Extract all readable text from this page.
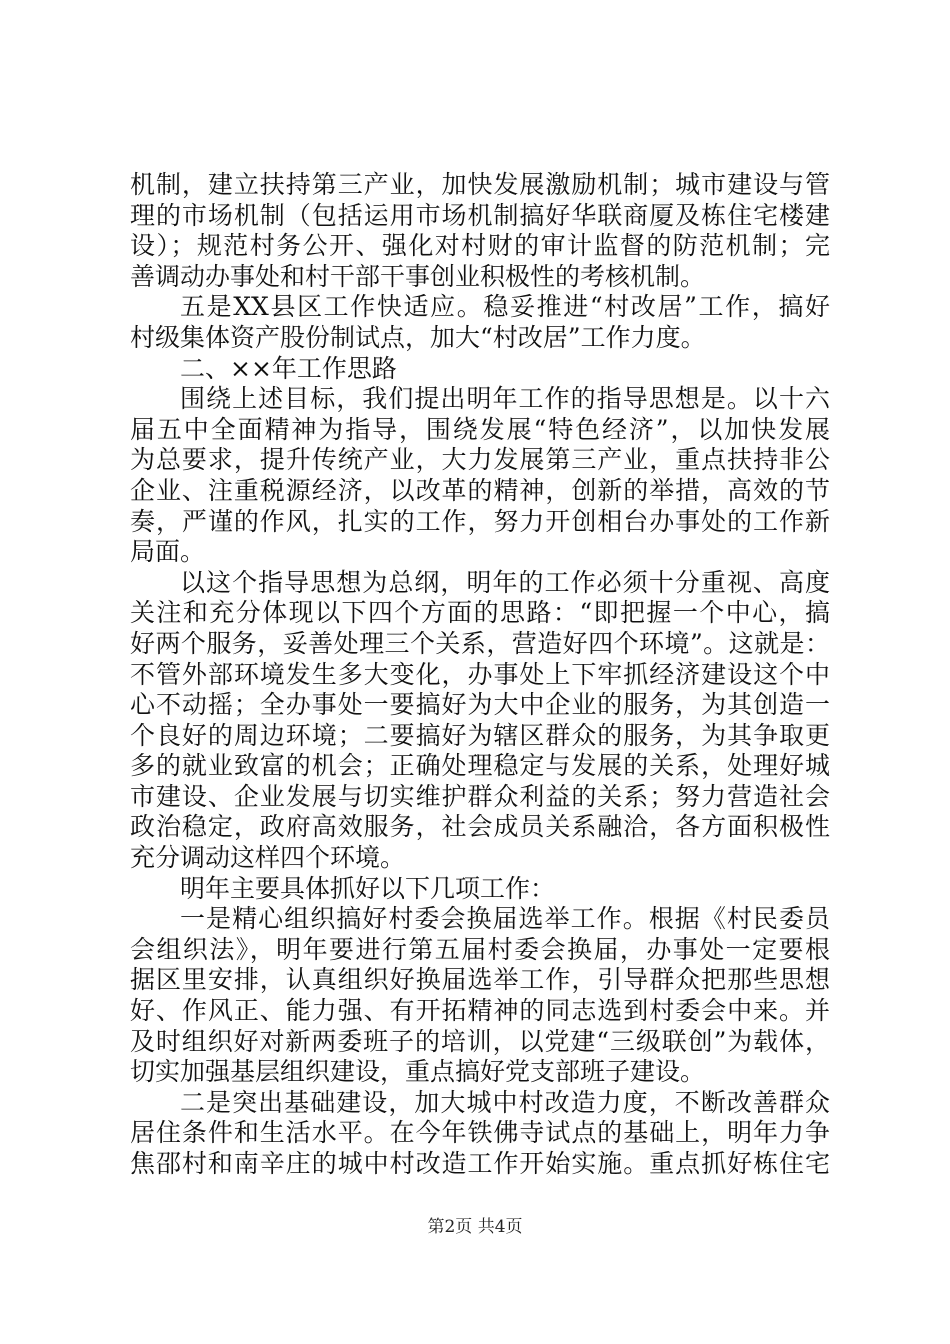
机制，建立扶持第三产业，加快发展激励机制；城市建设与管
理的市场机制（包括运用市场机制搞好华联商厦及栋住宅楼建
设）；规范村务公开、强化对村财的审计监督的防范机制；完
善调动办事处和村干部干事创业积极性的考核机制。
五是XX县区工作快适应。稳妥推进“村改居”工作，搞好
村级集体资产股份制试点，加大“村改居”工作力度。
二、××年工作思路
围绕上述目标，我们提出明年工作的指导思想是。以十六
届五中全面精神为指导，围绕发展“特色经济”，以加快发展
为总要求，提升传统产业，大力发展第三产业，重点扶持非公
企业、注重税源经济，以改革的精神，创新的举措，高效的节
奏，严谨的作风，扎实的工作，努力开创相台办事处的工作新
局面。
以这个指导思想为总纲，明年的工作必须十分重视、高度
关注和充分体现以下四个方面的思路：“即把握一个中心，搞
好两个服务，妥善处理三个关系，营造好四个环境”。这就是：
不管外部环境发生多大变化，办事处上下牢抓经济建设这个中
心不动摇；全办事处一要搞好为大中企业的服务，为其创造一
个良好的周边环境；二要搞好为辖区群众的服务，为其争取更
多的就业致富的机会；正确处理稳定与发展的关系，处理好城
市建设、企业发展与切实维护群众利益的关系；努力营造社会
政治稳定，政府高效服务，社会成员关系融洽，各方面积极性
充分调动这样四个环境。
明年主要具体抓好以下几项工作：
一是精心组织搞好村委会换届选举工作。根据《村民委员
会组织法》，明年要进行第五届村委会换届，办事处一定要根
据区里安排，认真组织好换届选举工作，引导群众把那些思想
好、作风正、能力强、有开拓精神的同志选到村委会中来。并
及时组织好对新两委班子的培训，以党建“三级联创”为载体，
切实加强基层组织建设，重点搞好党支部班子建设。
二是突出基础建设，加大城中村改造力度，不断改善群众
居住条件和生活水平。在今年铁佛寺试点的基础上，明年力争
焦邵村和南辛庄的城中村改造工作开始实施。重点抓好栋住宅
第2页 共4页
